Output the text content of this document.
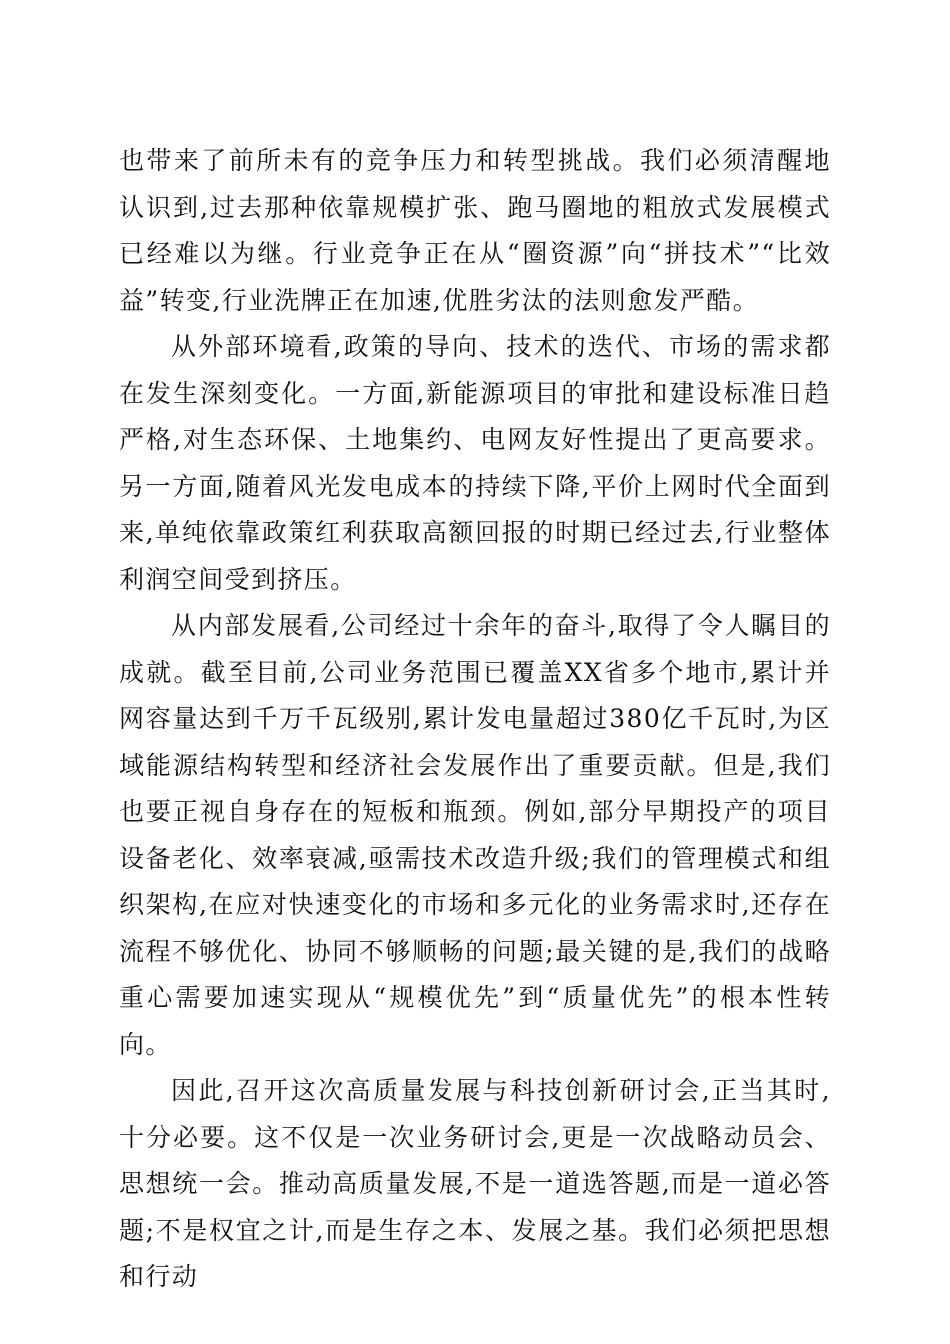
也带来了前所未有的竞争压力和转型挑战。我们必须清醒地认识到,过去那种依靠规模扩张、跑马圈地的粗放式发展模式已经难以为继。行业竞争正在从“圈资源”向“拼技术”“比效益”转变,行业洗牌正在加速,优胜劣汰的法则愈发严酷。

从外部环境看,政策的导向、技术的迭代、市场的需求都在发生深刻变化。一方面,新能源项目的审批和建设标准日趋严格,对生态环保、土地集约、电网友好性提出了更高要求。另一方面,随着风光发电成本的持续下降,平价上网时代全面到来,单纯依靠政策红利获取高额回报的时期已经过去,行业整体利润空间受到挤压。

从内部发展看,公司经过十余年的奋斗,取得了令人瞩目的成就。截至目前,公司业务范围已覆盖XX省多个地市,累计并网容量达到千万千瓦级别,累计发电量超过380亿千瓦时,为区域能源结构转型和经济社会发展作出了重要贡献。但是,我们也要正视自身存在的短板和瓶颈。例如,部分早期投产的项目设备老化、效率衰减,亟需技术改造升级;我们的管理模式和组织架构,在应对快速变化的市场和多元化的业务需求时,还存在流程不够优化、协同不够顺畅的问题;最关键的是,我们的战略重心需要加速实现从“规模优先”到“质量优先”的根本性转向。

因此,召开这次高质量发展与科技创新研讨会,正当其时,十分必要。这不仅是一次业务研讨会,更是一次战略动员会、思想统一会。推动高质量发展,不是一道选答题,而是一道必答题;不是权宜之计,而是生存之本、发展之基。我们必须把思想和行动
